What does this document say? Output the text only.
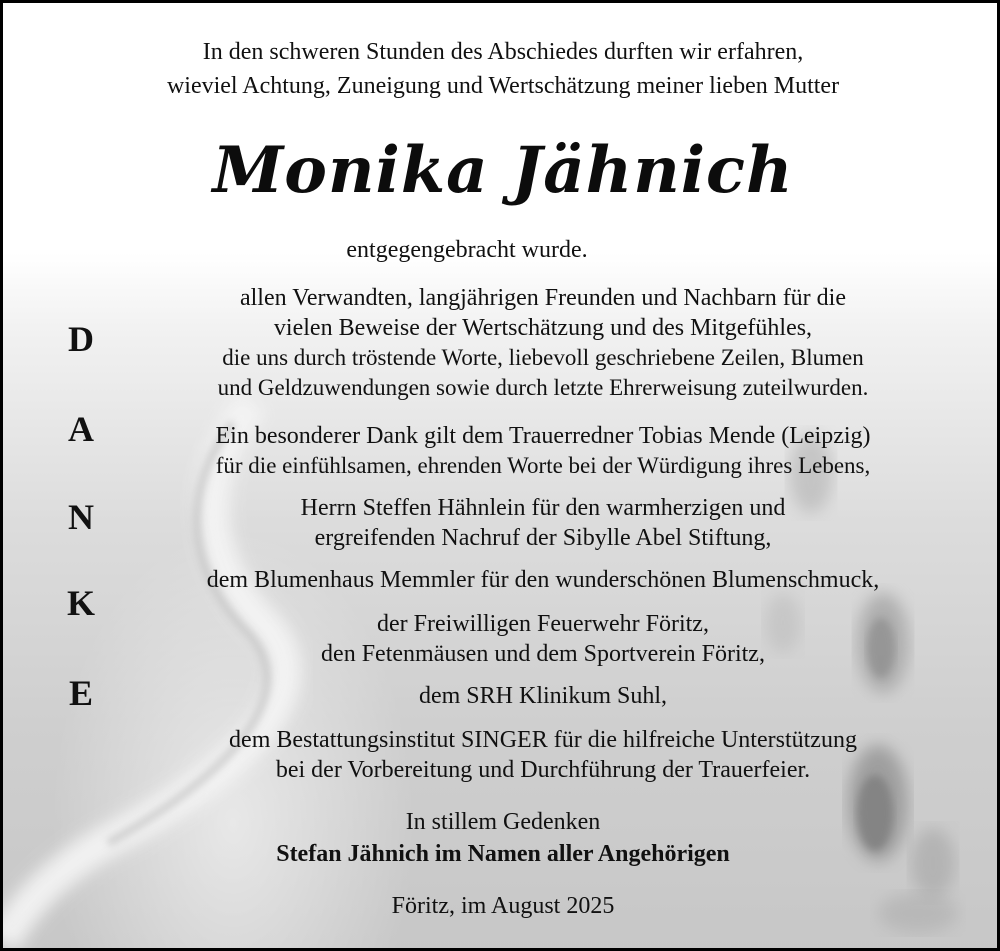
In den schweren Stunden des Abschiedes durften wir erfahren,
wieviel Achtung, Zuneigung und Wertschätzung meiner lieben Mutter
Monika Jähnich
entgegengebracht wurde.
D
A
N
K
E
allen Verwandten, langjährigen Freunden und Nachbarn für die
vielen Beweise der Wertschätzung und des Mitgefühles,
die uns durch tröstende Worte, liebevoll geschriebene Zeilen, Blumen
und Geldzuwendungen sowie durch letzte Ehrerweisung zuteilwurden.
Ein besonderer Dank gilt dem Trauerredner Tobias Mende (Leipzig)
für die einfühlsamen, ehrenden Worte bei der Würdigung ihres Lebens,
Herrn Steffen Hähnlein für den warmherzigen und
ergreifenden Nachruf der Sibylle Abel Stiftung,
dem Blumenhaus Memmler für den wunderschönen Blumenschmuck,
der Freiwilligen Feuerwehr Föritz,
den Fetenmäusen und dem Sportverein Föritz,
dem SRH Klinikum Suhl,
dem Bestattungsinstitut SINGER für die hilfreiche Unterstützung
bei der Vorbereitung und Durchführung der Trauerfeier.
In stillem Gedenken
Stefan Jähnich im Namen aller Angehörigen
Föritz, im August 2025
